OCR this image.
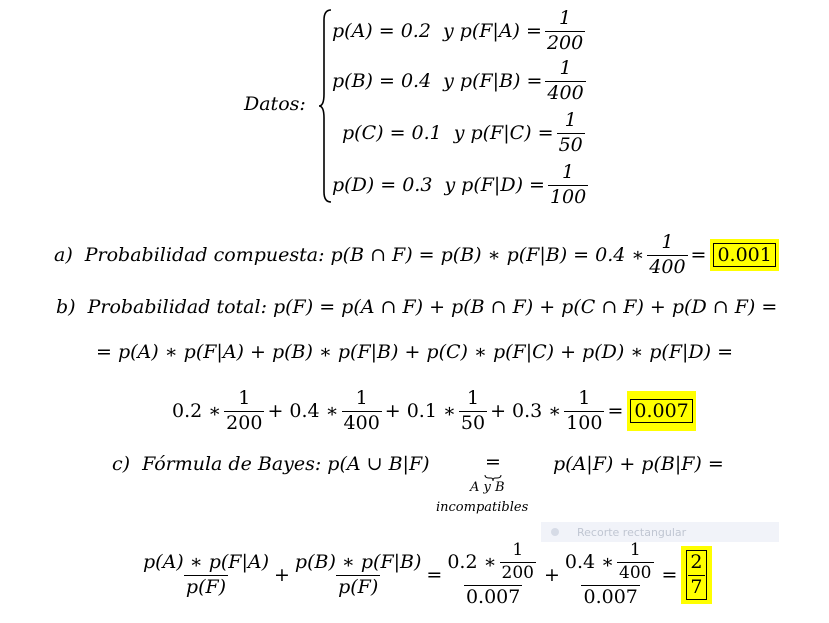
Datos:
p(A) = 0.2 y $p(F|A) = \frac{1}{200}$
p(B) = 0.4 y $p(F|B) = \frac{1}{400}$
p(C) = 0.1 y $p(F|C) = \frac{1}{50}$
p(D) = 0.3 y $p(F|D) = \frac{1}{100}$
a) Probabilidad compuesta: p(B ∩ F) = p(B) ∗ p(F|B) = 0.4 ∗ $\frac{1}{400} = 0.001$
b) Probabilidad total: p(F) = p(A ∩ F) + p(B ∩ F) + p(C ∩ F) + p(D ∩ F) =
= p(A) ∗ p(F|A) + p(B) ∗ p(F|B) + p(C) ∗ p(F|C) + p(D) ∗ p(F|D) =
0.2 ∗ $\frac{1}{200} + 0.4$ ∗ $\frac{1}{400} + 0.1$ ∗ $\frac{1}{50} + 0.3$ ∗ $\frac{1}{100} = 0.007$
c) Fórmula de Bayes: p(A ∪ B|F)	=
A y B
incompatibles
p(A|F) + p(B|F) =
Recorte rectangular
$\frac{p(A) ∗ p(F|A)}{p(F)} + \frac{p(B) ∗ p(F|B)}{p(F)} = \frac{0.2 ∗ \frac{1}{200}}{0.007} + \frac{0.4 ∗ \frac{1}{400}}{0.007} = \frac{2}{7}$
